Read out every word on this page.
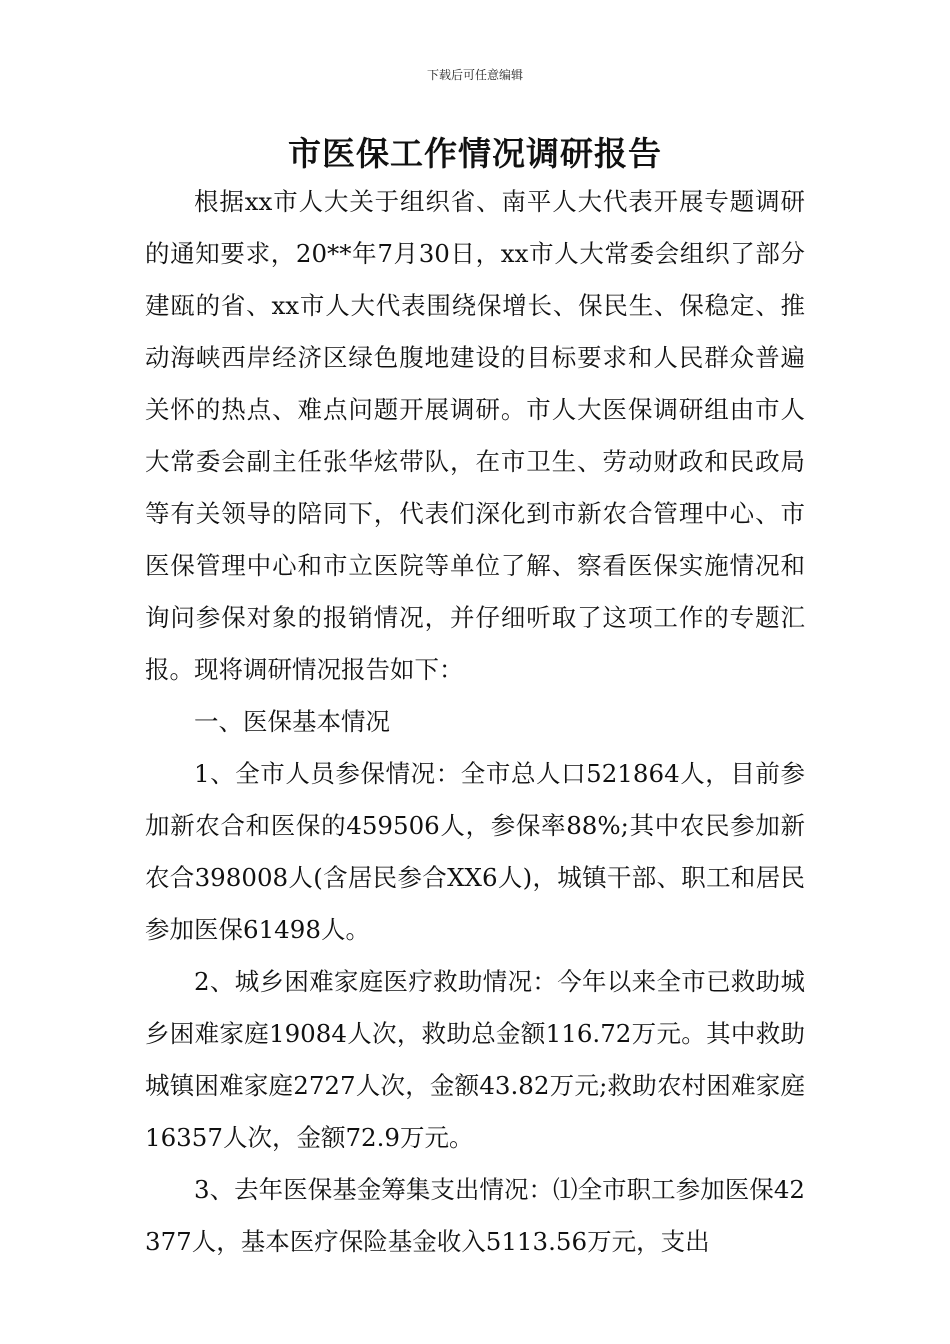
下载后可任意编辑
市医保工作情况调研报告

根据xx市人大关于组织省、南平人大代表开展专题调研的通知要求，20**年7月30日，xx市人大常委会组织了部分建瓯的省、xx市人大代表围绕保增长、保民生、保稳定、推动海峡西岸经济区绿色腹地建设的目标要求和人民群众普遍关怀的热点、难点问题开展调研。市人大医保调研组由市人大常委会副主任张华炫带队，在市卫生、劳动财政和民政局等有关领导的陪同下，代表们深化到市新农合管理中心、市医保管理中心和市立医院等单位了解、察看医保实施情况和询问参保对象的报销情况，并仔细听取了这项工作的专题汇报。现将调研情况报告如下：

一、医保基本情况

1、全市人员参保情况：全市总人口521864人，目前参加新农合和医保的459506人，参保率88%;其中农民参加新农合398008人(含居民参合XX6人)，城镇干部、职工和居民参加医保61498人。

2、城乡困难家庭医疗救助情况：今年以来全市已救助城乡困难家庭19084人次，救助总金额116.72万元。其中救助城镇困难家庭2727人次，金额43.82万元;救助农村困难家庭16357人次，金额72.9万元。

3、去年医保基金筹集支出情况：⑴全市职工参加医保42377人，基本医疗保险基金收入5113.56万元，支出
